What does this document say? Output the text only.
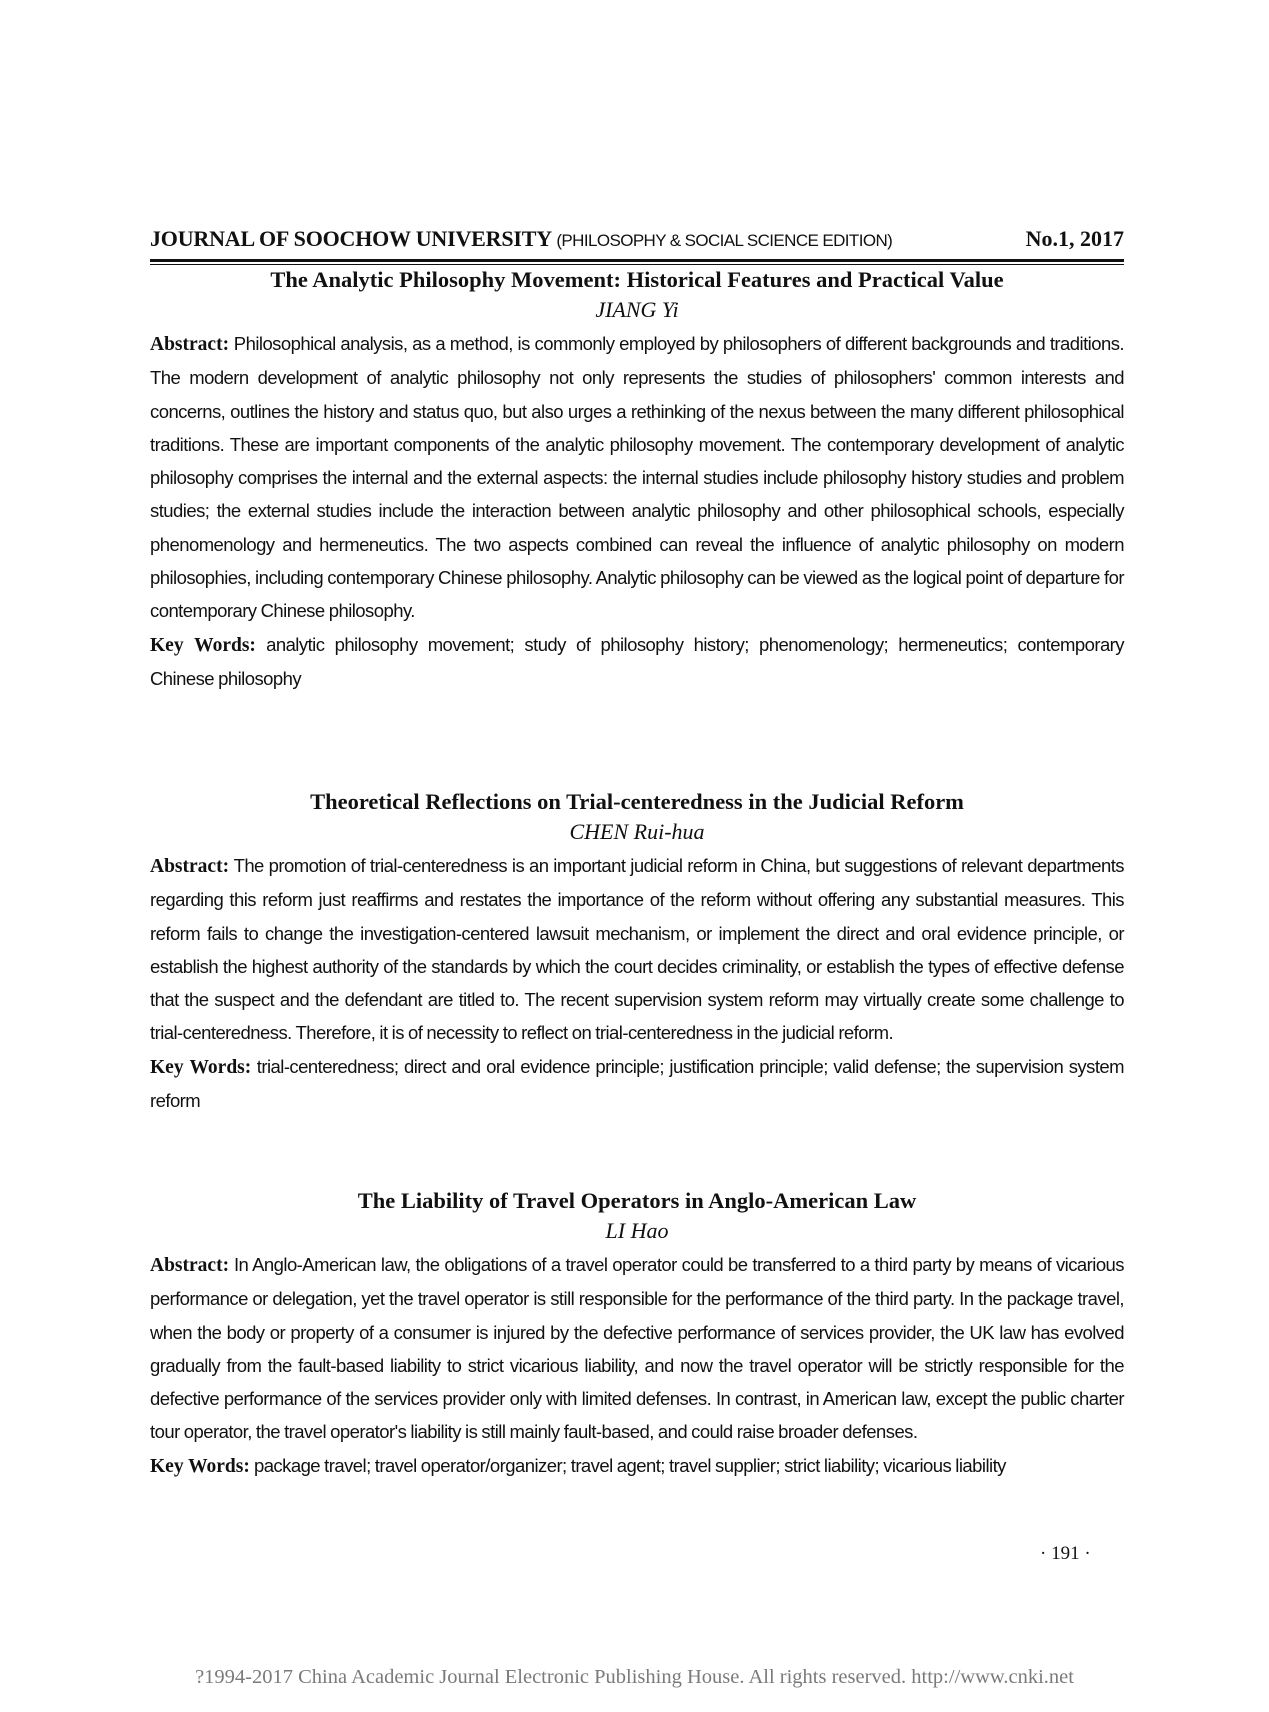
JOURNAL OF SOOCHOW UNIVERSITY (PHILOSOPHY & SOCIAL SCIENCE EDITION)	No.1, 2017
The Analytic Philosophy Movement: Historical Features and Practical Value
JIANG Yi
Abstract: Philosophical analysis, as a method, is commonly employed by philosophers of different backgrounds and traditions. The modern development of analytic philosophy not only represents the studies of philosophers' common interests and concerns, outlines the history and status quo, but also urges a rethinking of the nexus between the many different philosophical traditions. These are important components of the analytic philosophy movement. The contemporary development of analytic philosophy comprises the internal and the external aspects: the internal studies include philosophy history studies and problem studies; the external studies include the interaction between analytic philosophy and other philosophical schools, especially phenomenology and hermeneutics. The two aspects combined can reveal the influence of analytic philosophy on modern philosophies, including contemporary Chinese philosophy. Analytic philosophy can be viewed as the logical point of departure for contemporary Chinese philosophy.
Key Words: analytic philosophy movement; study of philosophy history; phenomenology; hermeneutics; contemporary Chinese philosophy
Theoretical Reflections on Trial-centeredness in the Judicial Reform
CHEN Rui-hua
Abstract: The promotion of trial-centeredness is an important judicial reform in China, but suggestions of relevant departments regarding this reform just reaffirms and restates the importance of the reform without offering any substantial measures. This reform fails to change the investigation-centered lawsuit mechanism, or implement the direct and oral evidence principle, or establish the highest authority of the standards by which the court decides criminality, or establish the types of effective defense that the suspect and the defendant are titled to. The recent supervision system reform may virtually create some challenge to trial-centeredness. Therefore, it is of necessity to reflect on trial-centeredness in the judicial reform.
Key Words: trial-centeredness; direct and oral evidence principle; justification principle; valid defense; the supervision system reform
The Liability of Travel Operators in Anglo-American Law
LI Hao
Abstract: In Anglo-American law, the obligations of a travel operator could be transferred to a third party by means of vicarious performance or delegation, yet the travel operator is still responsible for the performance of the third party. In the package travel, when the body or property of a consumer is injured by the defective performance of services provider, the UK law has evolved gradually from the fault-based liability to strict vicarious liability, and now the travel operator will be strictly responsible for the defective performance of the services provider only with limited defenses. In contrast, in American law, except the public charter tour operator, the travel operator's liability is still mainly fault-based, and could raise broader defenses.
Key Words: package travel; travel operator/organizer; travel agent; travel supplier; strict liability; vicarious liability
· 191 ·
?1994-2017 China Academic Journal Electronic Publishing House. All rights reserved. http://www.cnki.net
